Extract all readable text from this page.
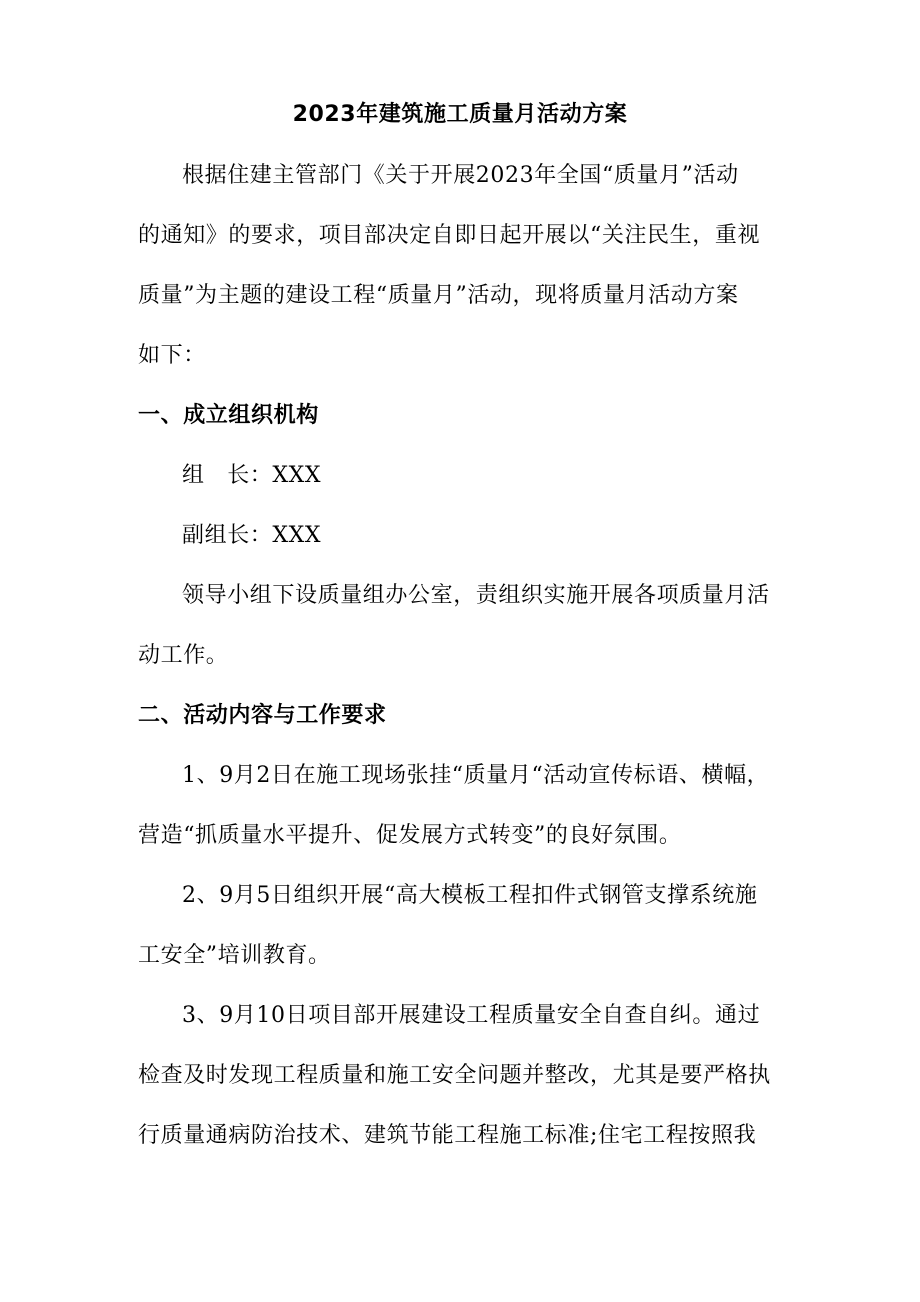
2023年建筑施工质量月活动方案
根据住建主管部门《关于开展2023年全国“质量月”活动
的通知》的要求，项目部决定自即日起开展以“关注民生，重视
质量”为主题的建设工程“质量月”活动，现将质量月活动方案
如下：
一、成立组织机构
组　长：XXX
副组长：XXX
领导小组下设质量组办公室，责组织实施开展各项质量月活
动工作。
二、活动内容与工作要求
1、9月2日在施工现场张挂“质量月“活动宣传标语、横幅，
营造“抓质量水平提升、促发展方式转变”的良好氛围。
2、9月5日组织开展“高大模板工程扣件式钢管支撑系统施
工安全”培训教育。
3、9月10日项目部开展建设工程质量安全自查自纠。通过
检查及时发现工程质量和施工安全问题并整改，尤其是要严格执
行质量通病防治技术、建筑节能工程施工标准;住宅工程按照我
